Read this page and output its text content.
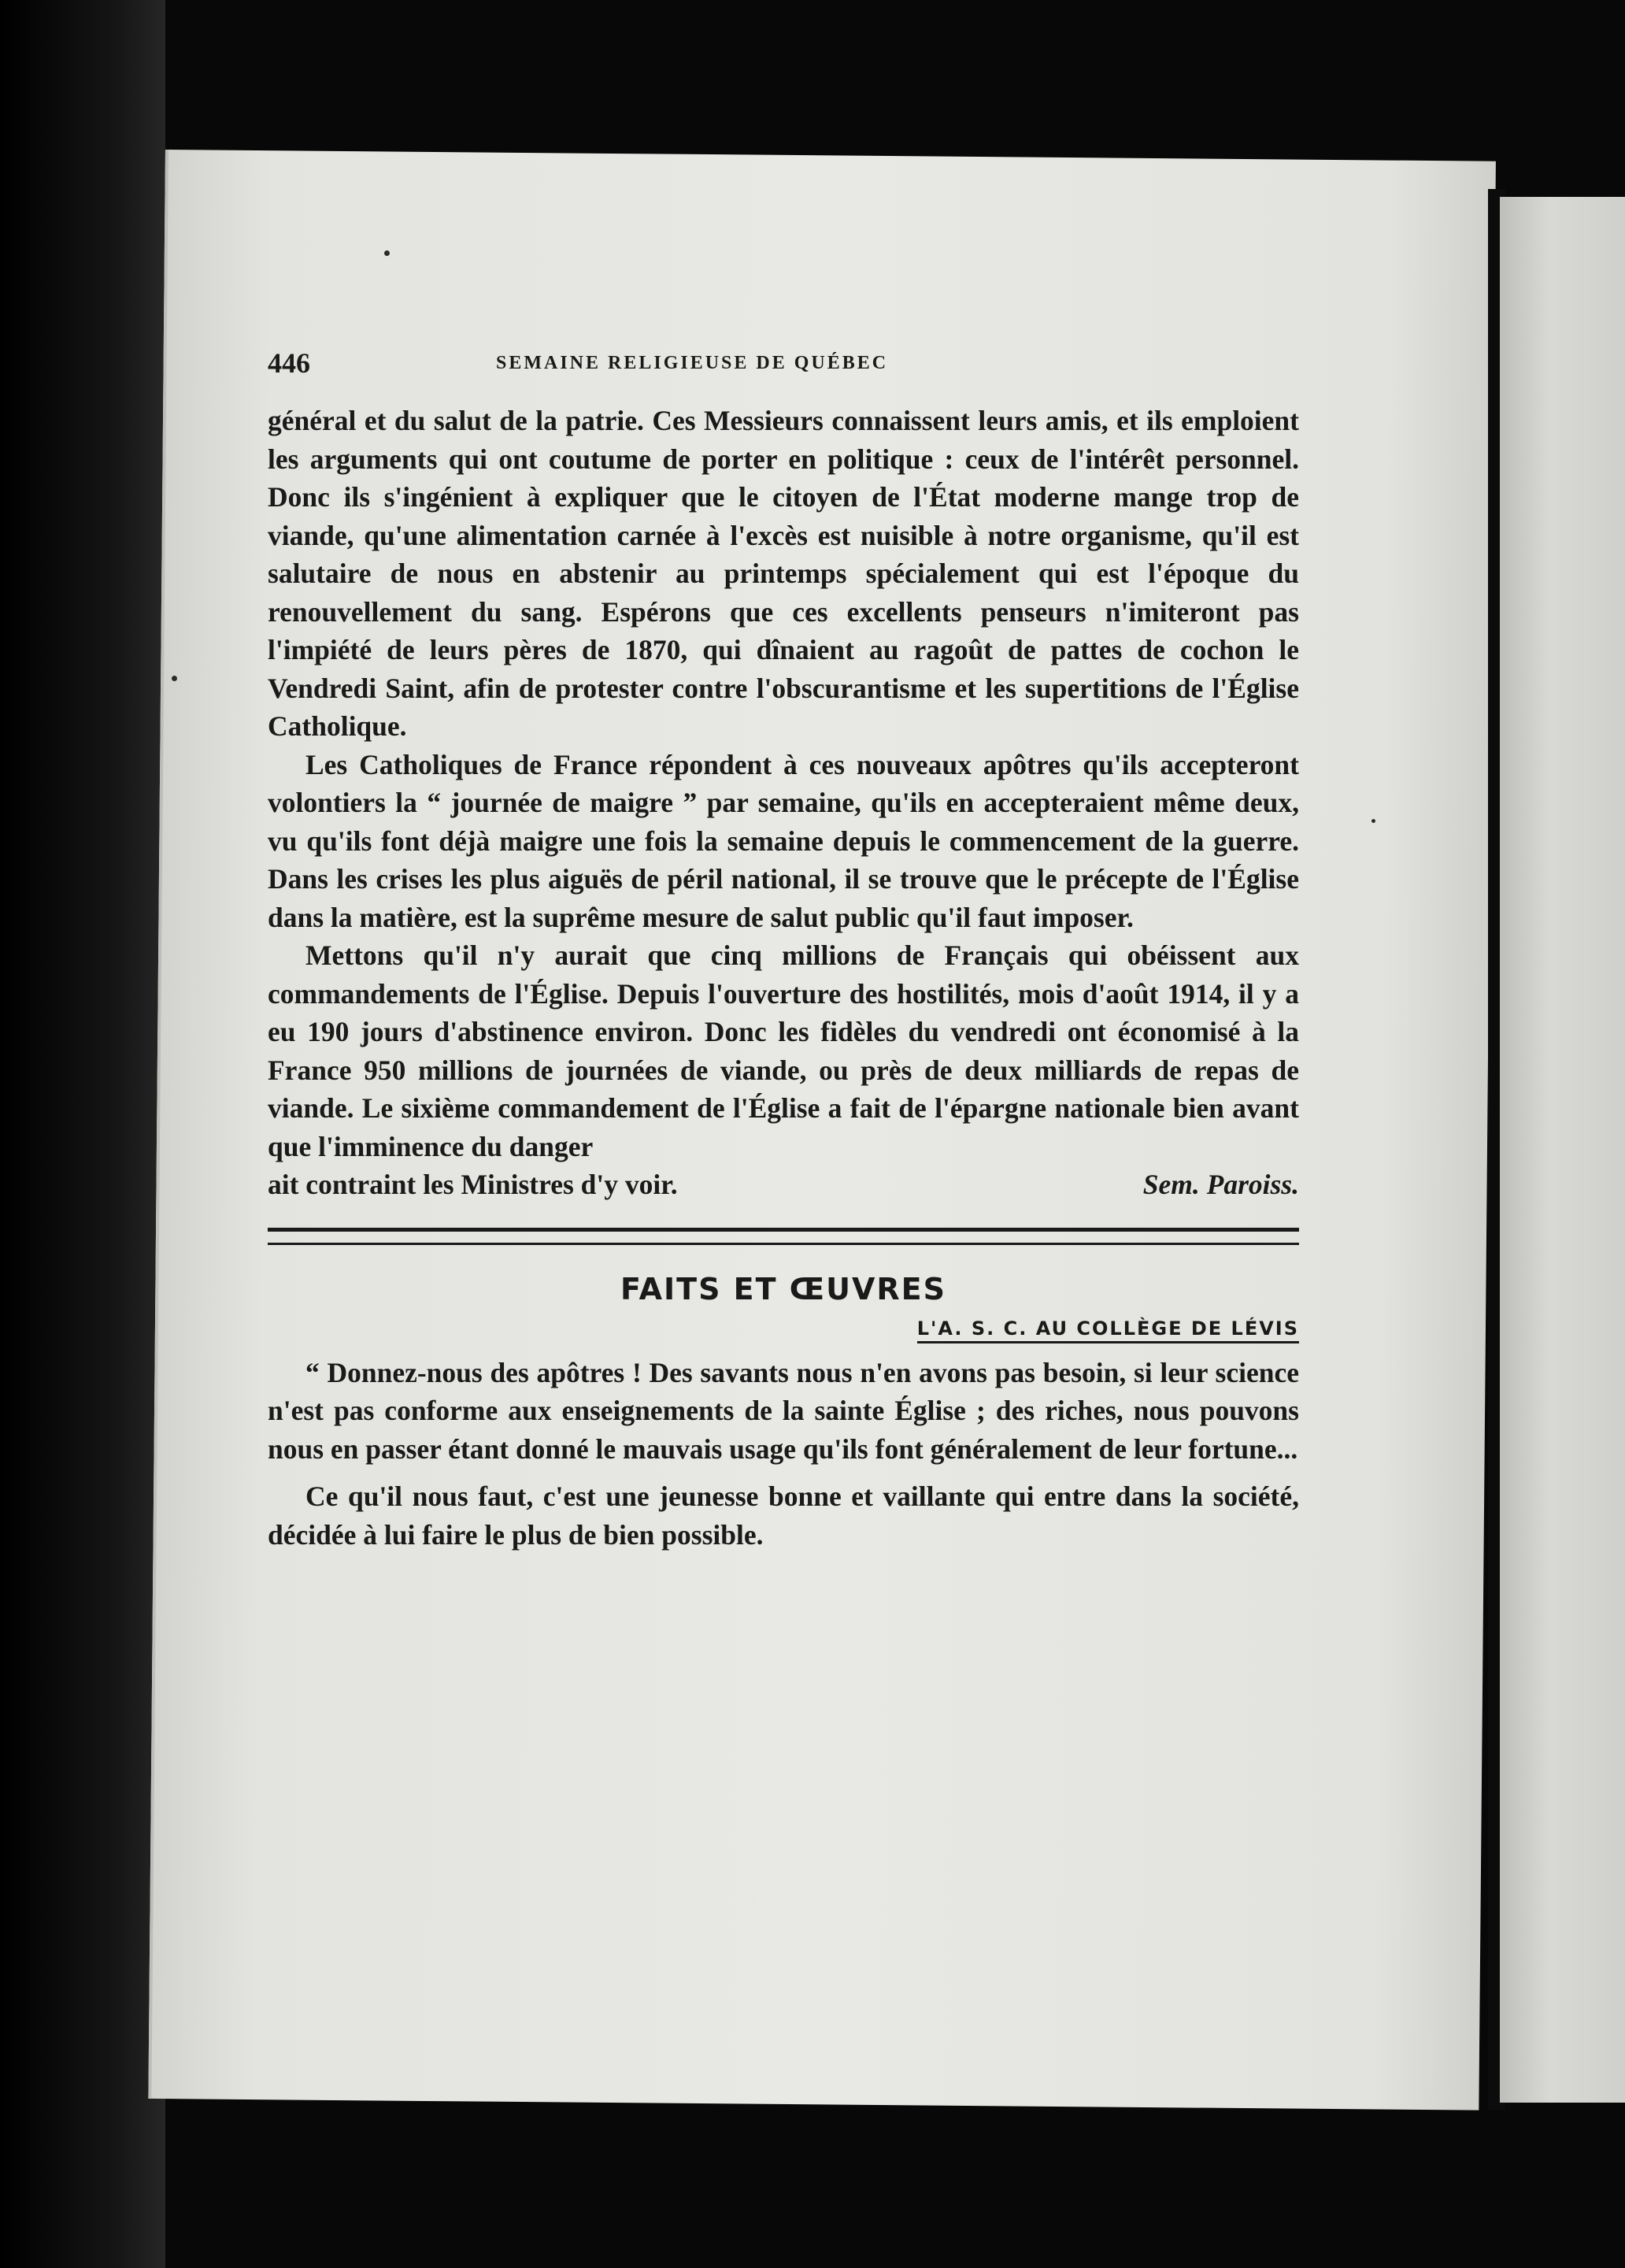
446	SEMAINE RELIGIEUSE DE QUÉBEC

général et du salut de la patrie. Ces Messieurs connaissent leurs amis, et ils emploient les arguments qui ont coutume de porter en politique : ceux de l'intérêt personnel. Donc ils s'ingénient à expliquer que le citoyen de l'État moderne mange trop de viande, qu'une alimentation carnée à l'excès est nuisible à notre organisme, qu'il est salutaire de nous en abstenir au printemps spécialement qui est l'époque du renouvellement du sang. Espérons que ces excellents penseurs n'imiteront pas l'impiété de leurs pères de 1870, qui dînaient au ragoût de pattes de cochon le Vendredi Saint, afin de protester contre l'obscurantisme et les supertitions de l'Église Catholique.

Les Catholiques de France répondent à ces nouveaux apôtres qu'ils accepteront volontiers la “ journée de maigre ” par semaine, qu'ils en accepteraient même deux, vu qu'ils font déjà maigre une fois la semaine depuis le commencement de la guerre. Dans les crises les plus aiguës de péril national, il se trouve que le précepte de l'Église dans la matière, est la suprême mesure de salut public qu'il faut imposer.

Mettons qu'il n'y aurait que cinq millions de Français qui obéissent aux commandements de l'Église. Depuis l'ouverture des hostilités, mois d'août 1914, il y a eu 190 jours d'abstinence environ. Donc les fidèles du vendredi ont économisé à la France 950 millions de journées de viande, ou près de deux milliards de repas de viande. Le sixième commandement de l'Église a fait de l'épargne nationale bien avant que l'imminence du danger

ait contraint les Ministres d'y voir.	Sem. Paroiss.
FAITS ET ŒUVRES
L'A. S. C. AU COLLÈGE DE LÉVIS

“ Donnez-nous des apôtres ! Des savants nous n'en avons pas besoin, si leur science n'est pas conforme aux enseignements de la sainte Église ; des riches, nous pouvons nous en passer étant donné le mauvais usage qu'ils font généralement de leur fortune...

Ce qu'il nous faut, c'est une jeunesse bonne et vaillante qui entre dans la société, décidée à lui faire le plus de bien possible.
